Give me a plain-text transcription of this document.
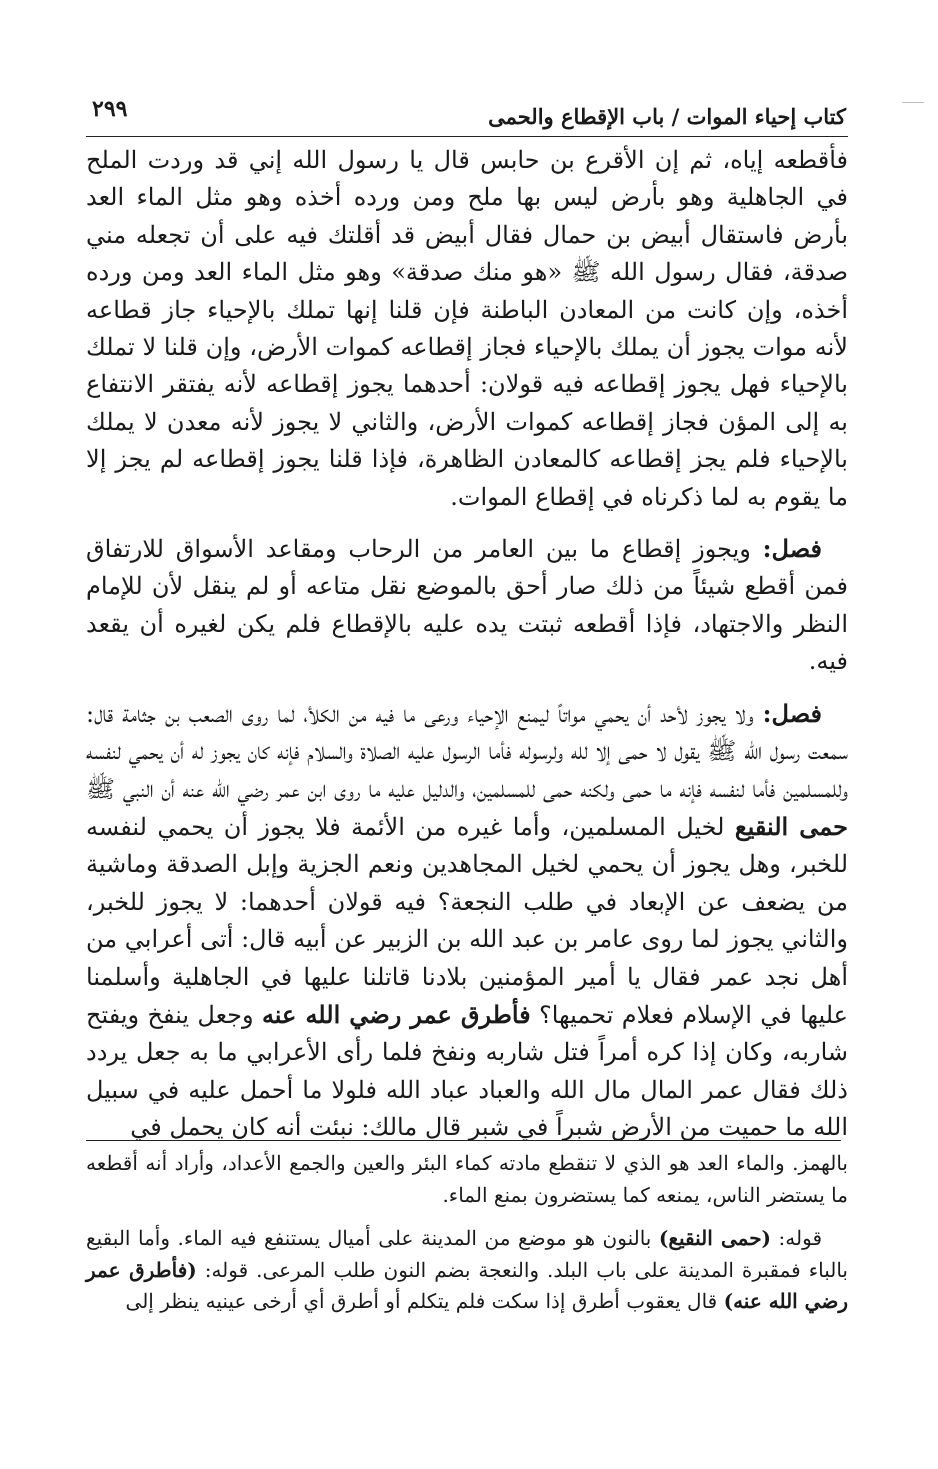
كتاب إحياء الموات / باب الإقطاع والحمى
٢٩٩

فأقطعه إياه، ثم إن الأقرع بن حابس قال يا رسول الله إني قد وردت الملح في الجاهلية وهو بأرض ليس بها ملح ومن ورده أخذه وهو مثل الماء العد بأرض فاستقال أبيض بن حمال فقال أبيض قد أقلتك فيه على أن تجعله مني صدقة، فقال رسول الله ﷺ «هو منك صدقة» وهو مثل الماء العد ومن ورده أخذه، وإن كانت من المعادن الباطنة فإن قلنا إنها تملك بالإحياء جاز قطاعه لأنه موات يجوز أن يملك بالإحياء فجاز إقطاعه كموات الأرض، وإن قلنا لا تملك بالإحياء فهل يجوز إقطاعه فيه قولان: أحدهما يجوز إقطاعه لأنه يفتقر الانتفاع به إلى المؤن فجاز إقطاعه كموات الأرض، والثاني لا يجوز لأنه معدن لا يملك بالإحياء فلم يجز إقطاعه كالمعادن الظاهرة، فإذا قلنا يجوز إقطاعه لم يجز إلا ما يقوم به لما ذكرناه في إقطاع الموات.

فصل: ويجوز إقطاع ما بين العامر من الرحاب ومقاعد الأسواق للارتفاق فمن أقطع شيئاً من ذلك صار أحق بالموضع نقل متاعه أو لم ينقل لأن للإمام النظر والاجتهاد، فإذا أقطعه ثبتت يده عليه بالإقطاع فلم يكن لغيره أن يقعد فيه.

فصل: ولا يجوز لأحد أن يحمي مواتاً ليمنع الإحياء ورعى ما فيه من الكلأ، لما روى الصعب بن جثامة قال: سمعت رسول الله ﷺ يقول لا حمى إلا لله ولرسوله فأما الرسول عليه الصلاة والسلام فإنه كان يجوز له أن يحمي لنفسه وللمسلمين فأما لنفسه فإنه ما حمى ولكنه حمى للمسلمين، والدليل عليه ما روى ابن عمر رضي الله عنه أن النبي ﷺ حمى النقيع لخيل المسلمين، وأما غيره من الأئمة فلا يجوز أن يحمي لنفسه للخبر، وهل يجوز أن يحمي لخيل المجاهدين ونعم الجزية وإبل الصدقة وماشية من يضعف عن الإبعاد في طلب النجعة؟ فيه قولان أحدهما: لا يجوز للخبر، والثاني يجوز لما روى عامر بن عبد الله بن الزبير عن أبيه قال: أتى أعرابي من أهل نجد عمر فقال يا أمير المؤمنين بلادنا قاتلنا عليها في الجاهلية وأسلمنا عليها في الإسلام فعلام تحميها؟ فأطرق عمر رضي الله عنه وجعل ينفخ ويفتح شاربه، وكان إذا كره أمراً فتل شاربه ونفخ فلما رأى الأعرابي ما به جعل يردد ذلك فقال عمر المال مال الله والعباد عباد الله فلولا ما أحمل عليه في سبيل الله ما حميت من الأرض شبراً في شبر قال مالك: نبئت أنه كان يحمل في

بالهمز. والماء العد هو الذي لا تنقطع مادته كماء البئر والعين والجمع الأعداد، وأراد أنه أقطعه ما يستضر الناس، يمنعه كما يستضرون بمنع الماء.

قوله: (حمى النقيع) بالنون هو موضع من المدينة على أميال يستنفع فيه الماء. وأما البقيع بالباء فمقبرة المدينة على باب البلد. والنعجة بضم النون طلب المرعى. قوله: (فأطرق عمر رضي الله عنه) قال يعقوب أطرق إذا سكت فلم يتكلم أو أطرق أي أرخى عينيه ينظر إلى
